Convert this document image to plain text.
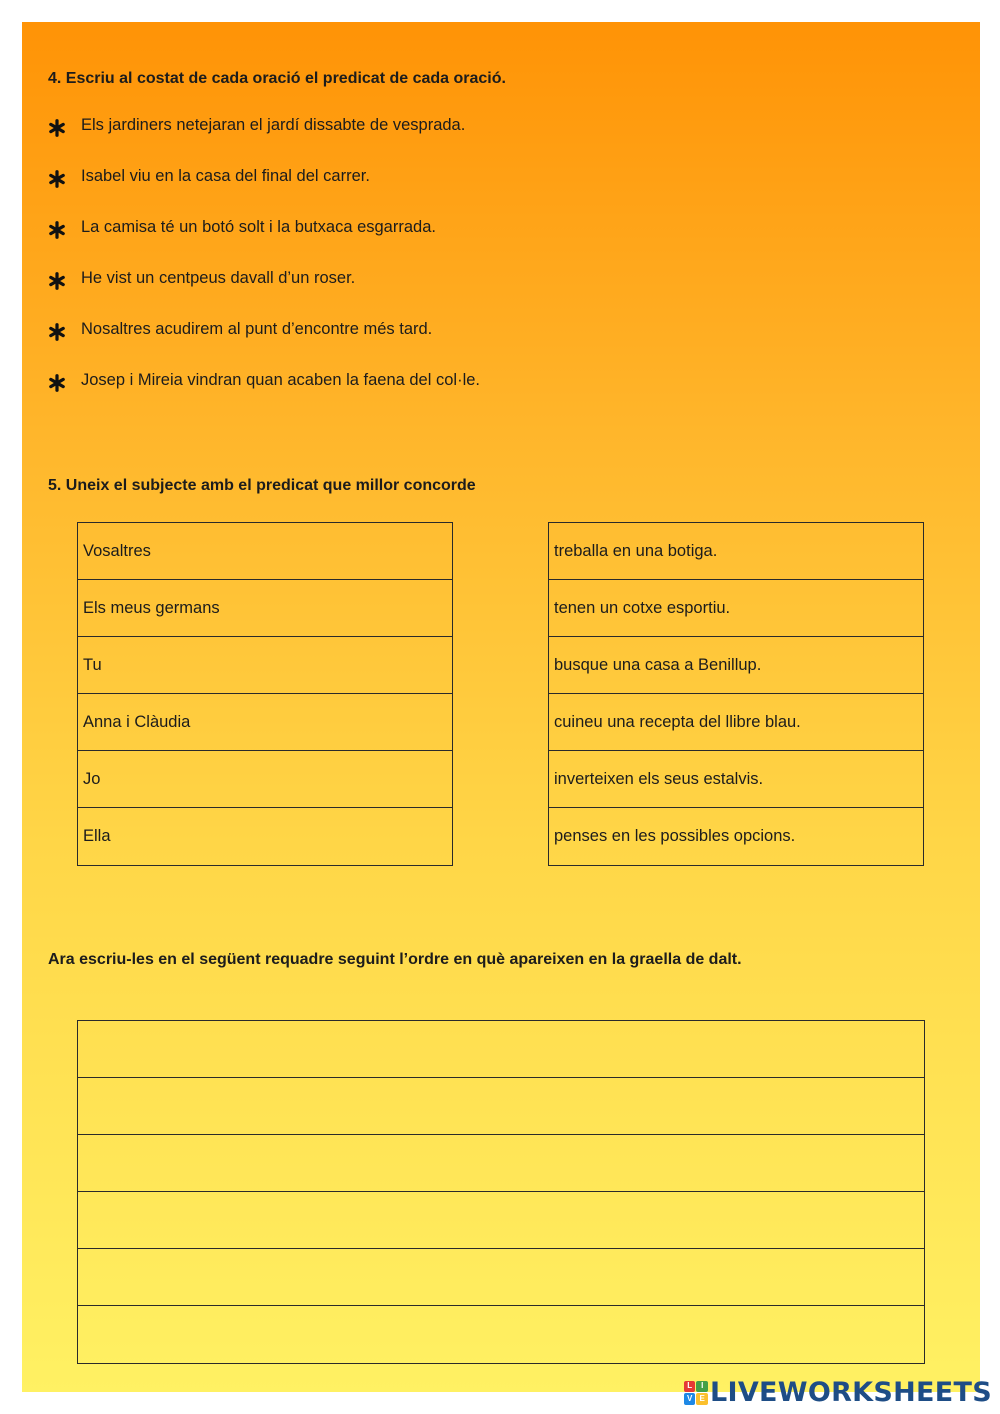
4. Escriu al costat de cada oració el predicat de cada oració.
Els jardiners netejaran el jardí dissabte de vesprada.
Isabel viu en la casa del final del carrer.
La camisa té un botó solt i la butxaca esgarrada.
He vist un centpeus davall d’un roser.
Nosaltres acudirem al punt d’encontre més tard.
Josep i Mireia vindran quan acaben la faena del col·le.
5. Uneix el subjecte amb el predicat que millor concorde
Vosaltres
Els meus germans
Tu
Anna i Clàudia
Jo
Ella
treballa en una botiga.
tenen un cotxe esportiu.
busque una casa a Benillup.
cuineu una recepta del llibre blau.
inverteixen els seus estalvis.
penses en les possibles opcions.
Ara escriu-les en el següent requadre seguint l’ordre en què apareixen en la graella de dalt.
L	I
V E LIVEWORKSHEETS
